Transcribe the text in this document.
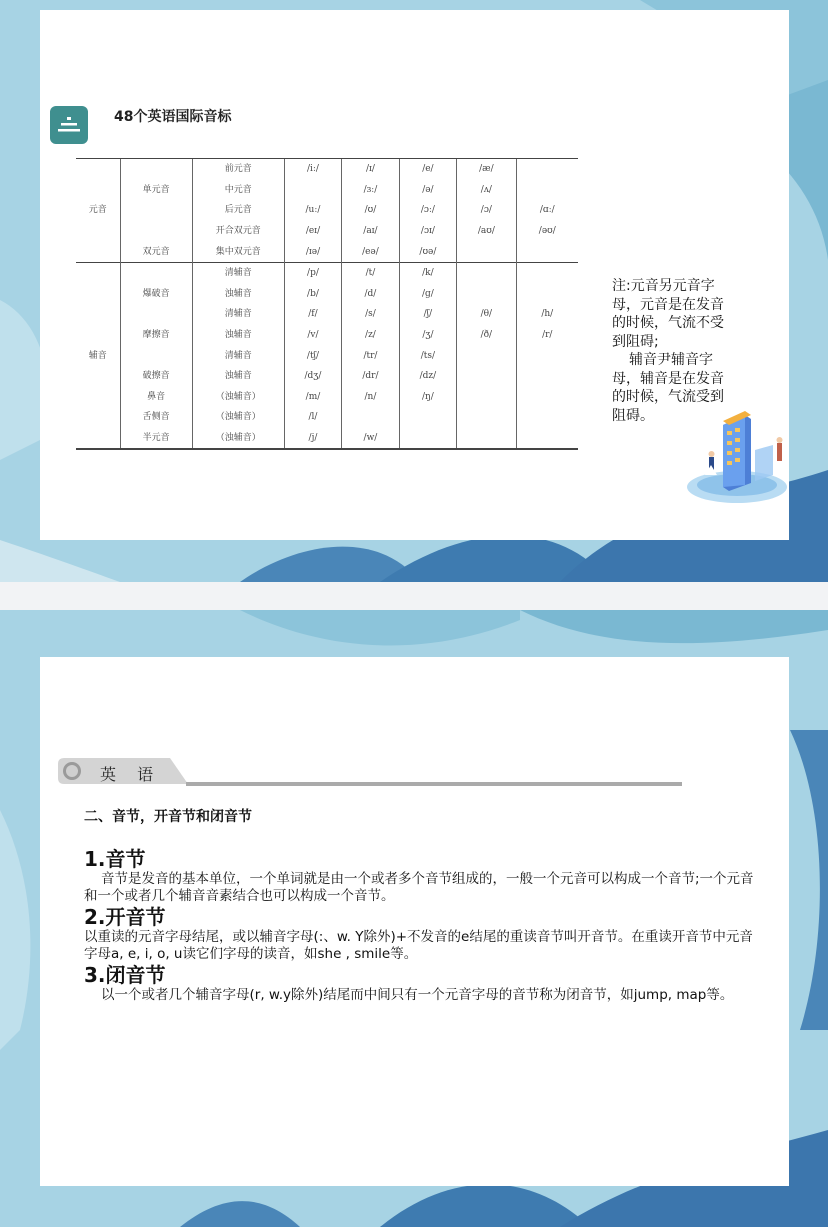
48个英语国际音标
		前元音	/iː/	/ɪ/	/e/	/æ/	
	单元音	中元音		/ɜː/	/ə/	/ʌ/	
元音		后元音	/uː/	/ʊ/	/ɔː/	/ɔ/	/ɑː/
		开合双元音	/eɪ/	/aɪ/	/ɔɪ/	/aʊ/	/əʊ/
	双元音	集中双元音	/ɪə/	/eə/	/ʊə/		
		清辅音	/p/	/t/	/k/		
	爆破音	浊辅音	/b/	/d/	/g/		
		清辅音	/f/	/s/	/ʃ/	/θ/	/h/
	摩擦音	浊辅音	/v/	/z/	/ʒ/	/ð/	/r/
辅音		清辅音	/tʃ/	/tr/	/ts/		
	破擦音	浊辅音	/dʒ/	/dr/	/dz/		
	鼻音	（浊辅音）	/m/	/n/	/ŋ/		
	舌侧音	（浊辅音）	/l/				
	半元音	（浊辅音）	/j/	/w/			

注:元音另元音字母，元音是在发音的时候，气流不受到阻碍;

辅音尹辅音字母，辅音是在发音的时候，气流受到阻碍。

英 语
二、音节，开音节和闭音节
1.音节

音节是发音的基本单位，一个单词就是由一个或者多个音节组成的，一般一个元音可以构成一个音节;一个元音和一个或者几个辅音音素结合也可以构成一个音节。

2.开音节

以重读的元音字母结尾，或以辅音字母(:、w. Y除外)+不发音的e结尾的重读音节叫开音节。在重读开音节中元音字母a, e, i, o, u读它们字母的读音，如she , smile等。

3.闭音节

以一个或者几个辅音字母(r, w.y除外)结尾而中间只有一个元音字母的音节称为闭音节，如jump, map等。
